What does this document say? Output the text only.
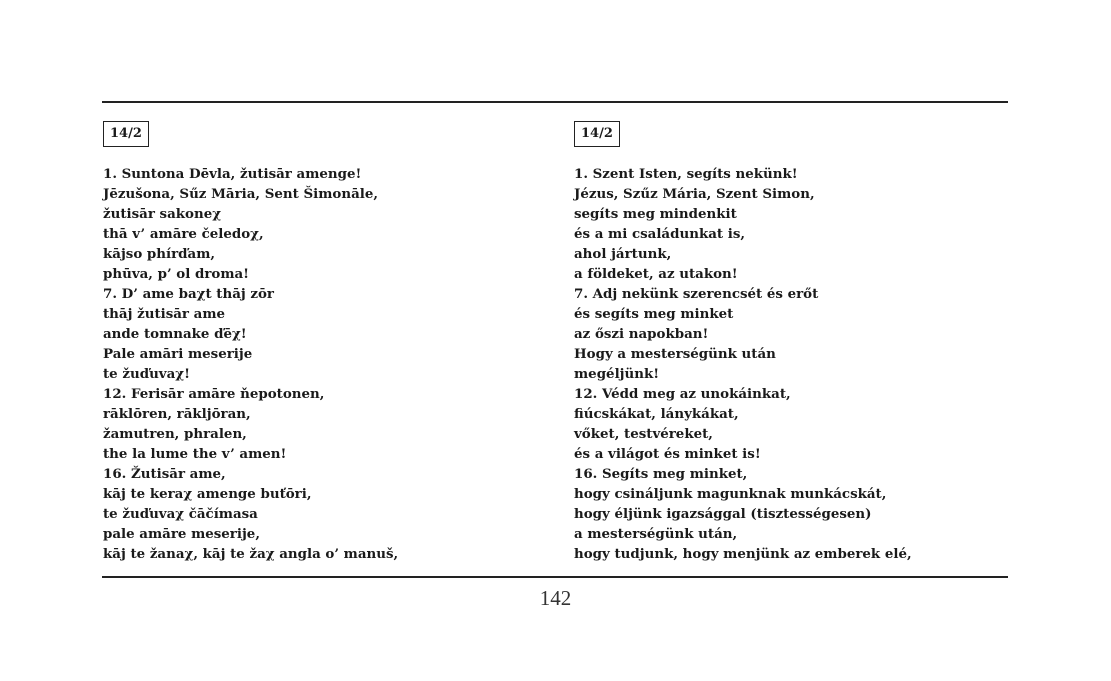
14/2
1. Suntona Dēvla, žutisār amenge!
Jēzušona, Sűz Māria, Sent Šimonāle,
žutisār sakoneχ
thā v’ amāre čeledoχ,
kājso phírďam,
phūva, p’ ol droma!
7. D’ ame baχt thāj zōr
thāj žutisār ame
ande tomnake ďēχ!
Pale amāri meserije
te žuďuvaχ!
12. Ferisār amāre ňepotonen,
rāklōren, rākljōran,
žamutren, phralen,
the la lume the v’ amen!
16. Žutisār ame,
kāj te keraχ amenge buťōri,
te žuďuvaχ čāčímasa
pale amāre meserije,
kāj te žanaχ, kāj te žaχ angla o’ manuš,
14/2
1. Szent Isten, segíts nekünk!
Jézus, Szűz Mária, Szent Simon,
segíts meg mindenkit
és a mi családunkat is,
ahol jártunk,
a földeket, az utakon!
7. Adj nekünk szerencsét és erőt
és segíts meg minket
az őszi napokban!
Hogy a mesterségünk után
megéljünk!
12. Védd meg az unokáinkat,
fiúcskákat, lánykákat,
vőket, testvéreket,
és a világot és minket is!
16. Segíts meg minket,
hogy csináljunk magunknak munkácskát,
hogy éljünk igazsággal (tisztességesen)
a mesterségünk után,
hogy tudjunk, hogy menjünk az emberek elé,
142
